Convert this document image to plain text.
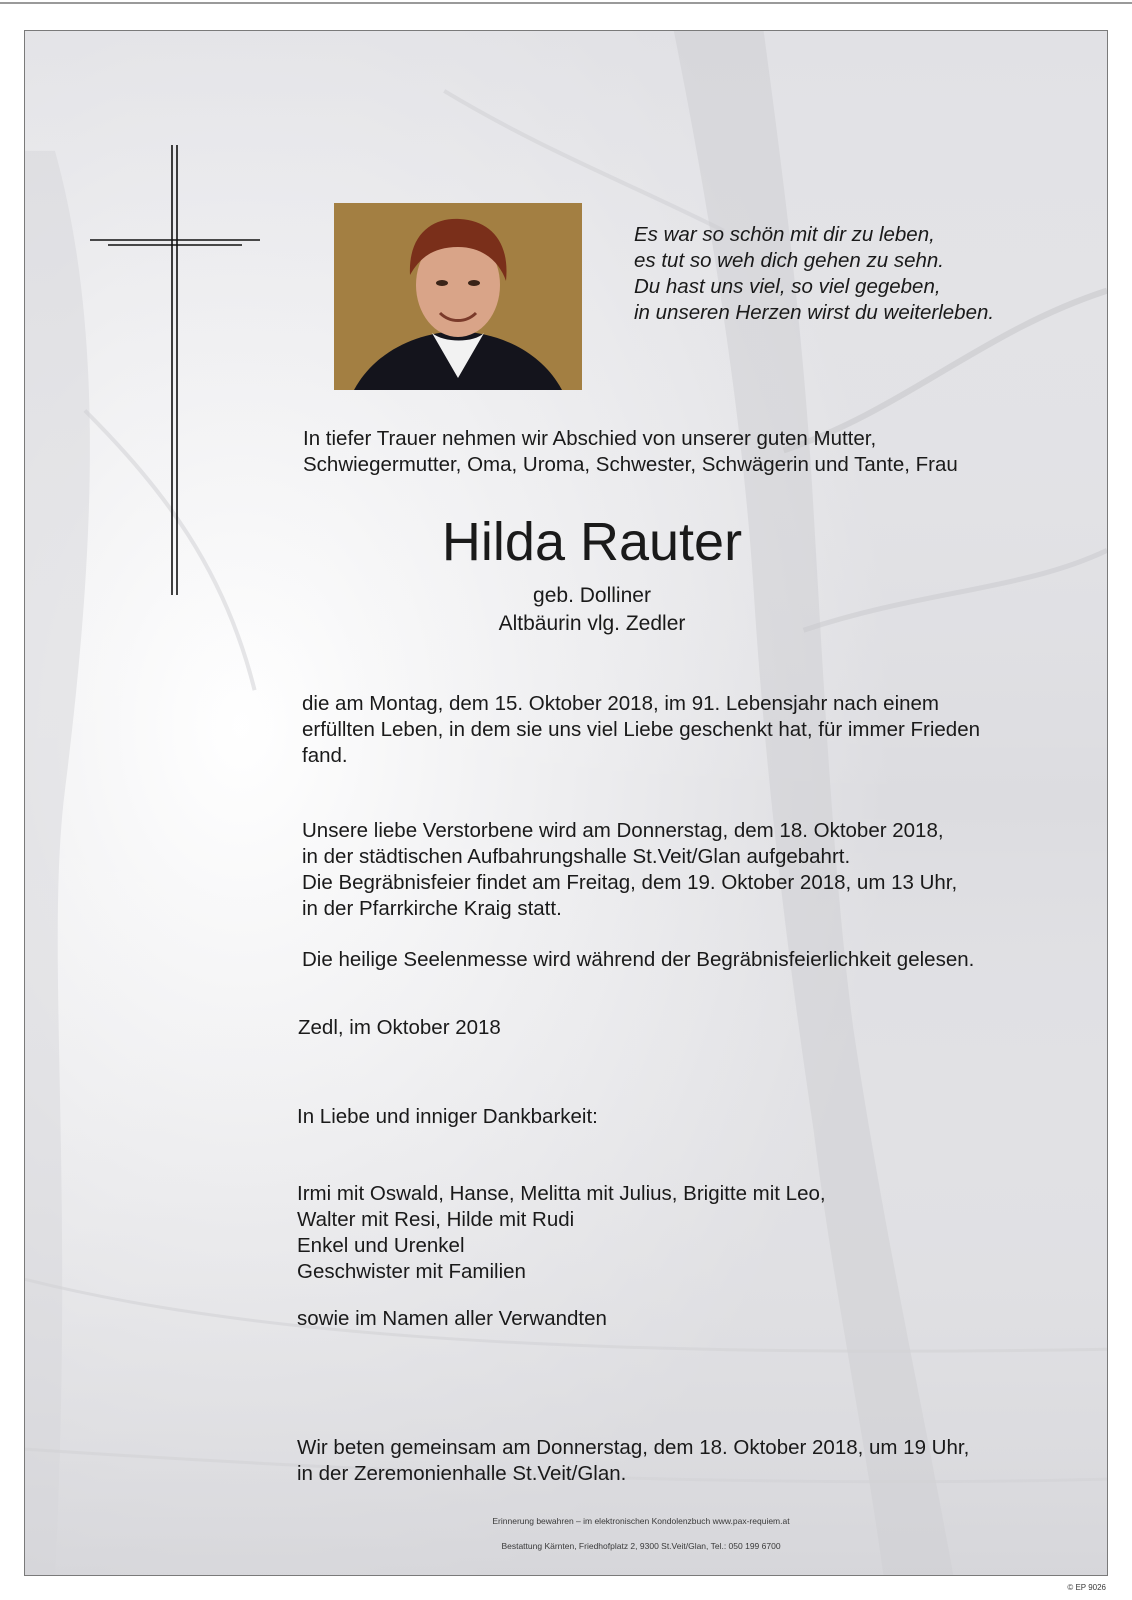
Es war so schön mit dir zu leben,
es tut so weh dich gehen zu sehn.
Du hast uns viel, so viel gegeben,
in unseren Herzen wirst du weiterleben.
In tiefer Trauer nehmen wir Abschied von unserer guten Mutter,
Schwiegermutter, Oma, Uroma, Schwester, Schwägerin und Tante, Frau
Hilda Rauter
geb. Dolliner
Altbäurin vlg. Zedler
die am Montag, dem 15. Oktober 2018, im 91. Lebensjahr nach einem
erfüllten Leben, in dem sie uns viel Liebe geschenkt hat, für immer Frieden
fand.
Unsere liebe Verstorbene wird am Donnerstag, dem 18. Oktober 2018,
in der städtischen Aufbahrungshalle St.Veit/Glan aufgebahrt.
Die Begräbnisfeier findet am Freitag, dem 19. Oktober 2018, um 13 Uhr,
in der Pfarrkirche Kraig statt.
Die heilige Seelenmesse wird während der Begräbnisfeierlichkeit gelesen.
Zedl, im Oktober 2018
In Liebe und inniger Dankbarkeit:
Irmi mit Oswald, Hanse, Melitta mit Julius, Brigitte mit Leo,
Walter mit Resi, Hilde mit Rudi
Enkel und Urenkel
Geschwister mit Familien
sowie im Namen aller Verwandten
Wir beten gemeinsam am Donnerstag, dem 18. Oktober 2018, um 19 Uhr,
in der Zeremonienhalle St.Veit/Glan.
Erinnerung bewahren – im elektronischen Kondolenzbuch www.pax-requiem.at
Bestattung Kärnten, Friedhofplatz 2, 9300 St.Veit/Glan, Tel.: 050 199 6700
© EP 9026
